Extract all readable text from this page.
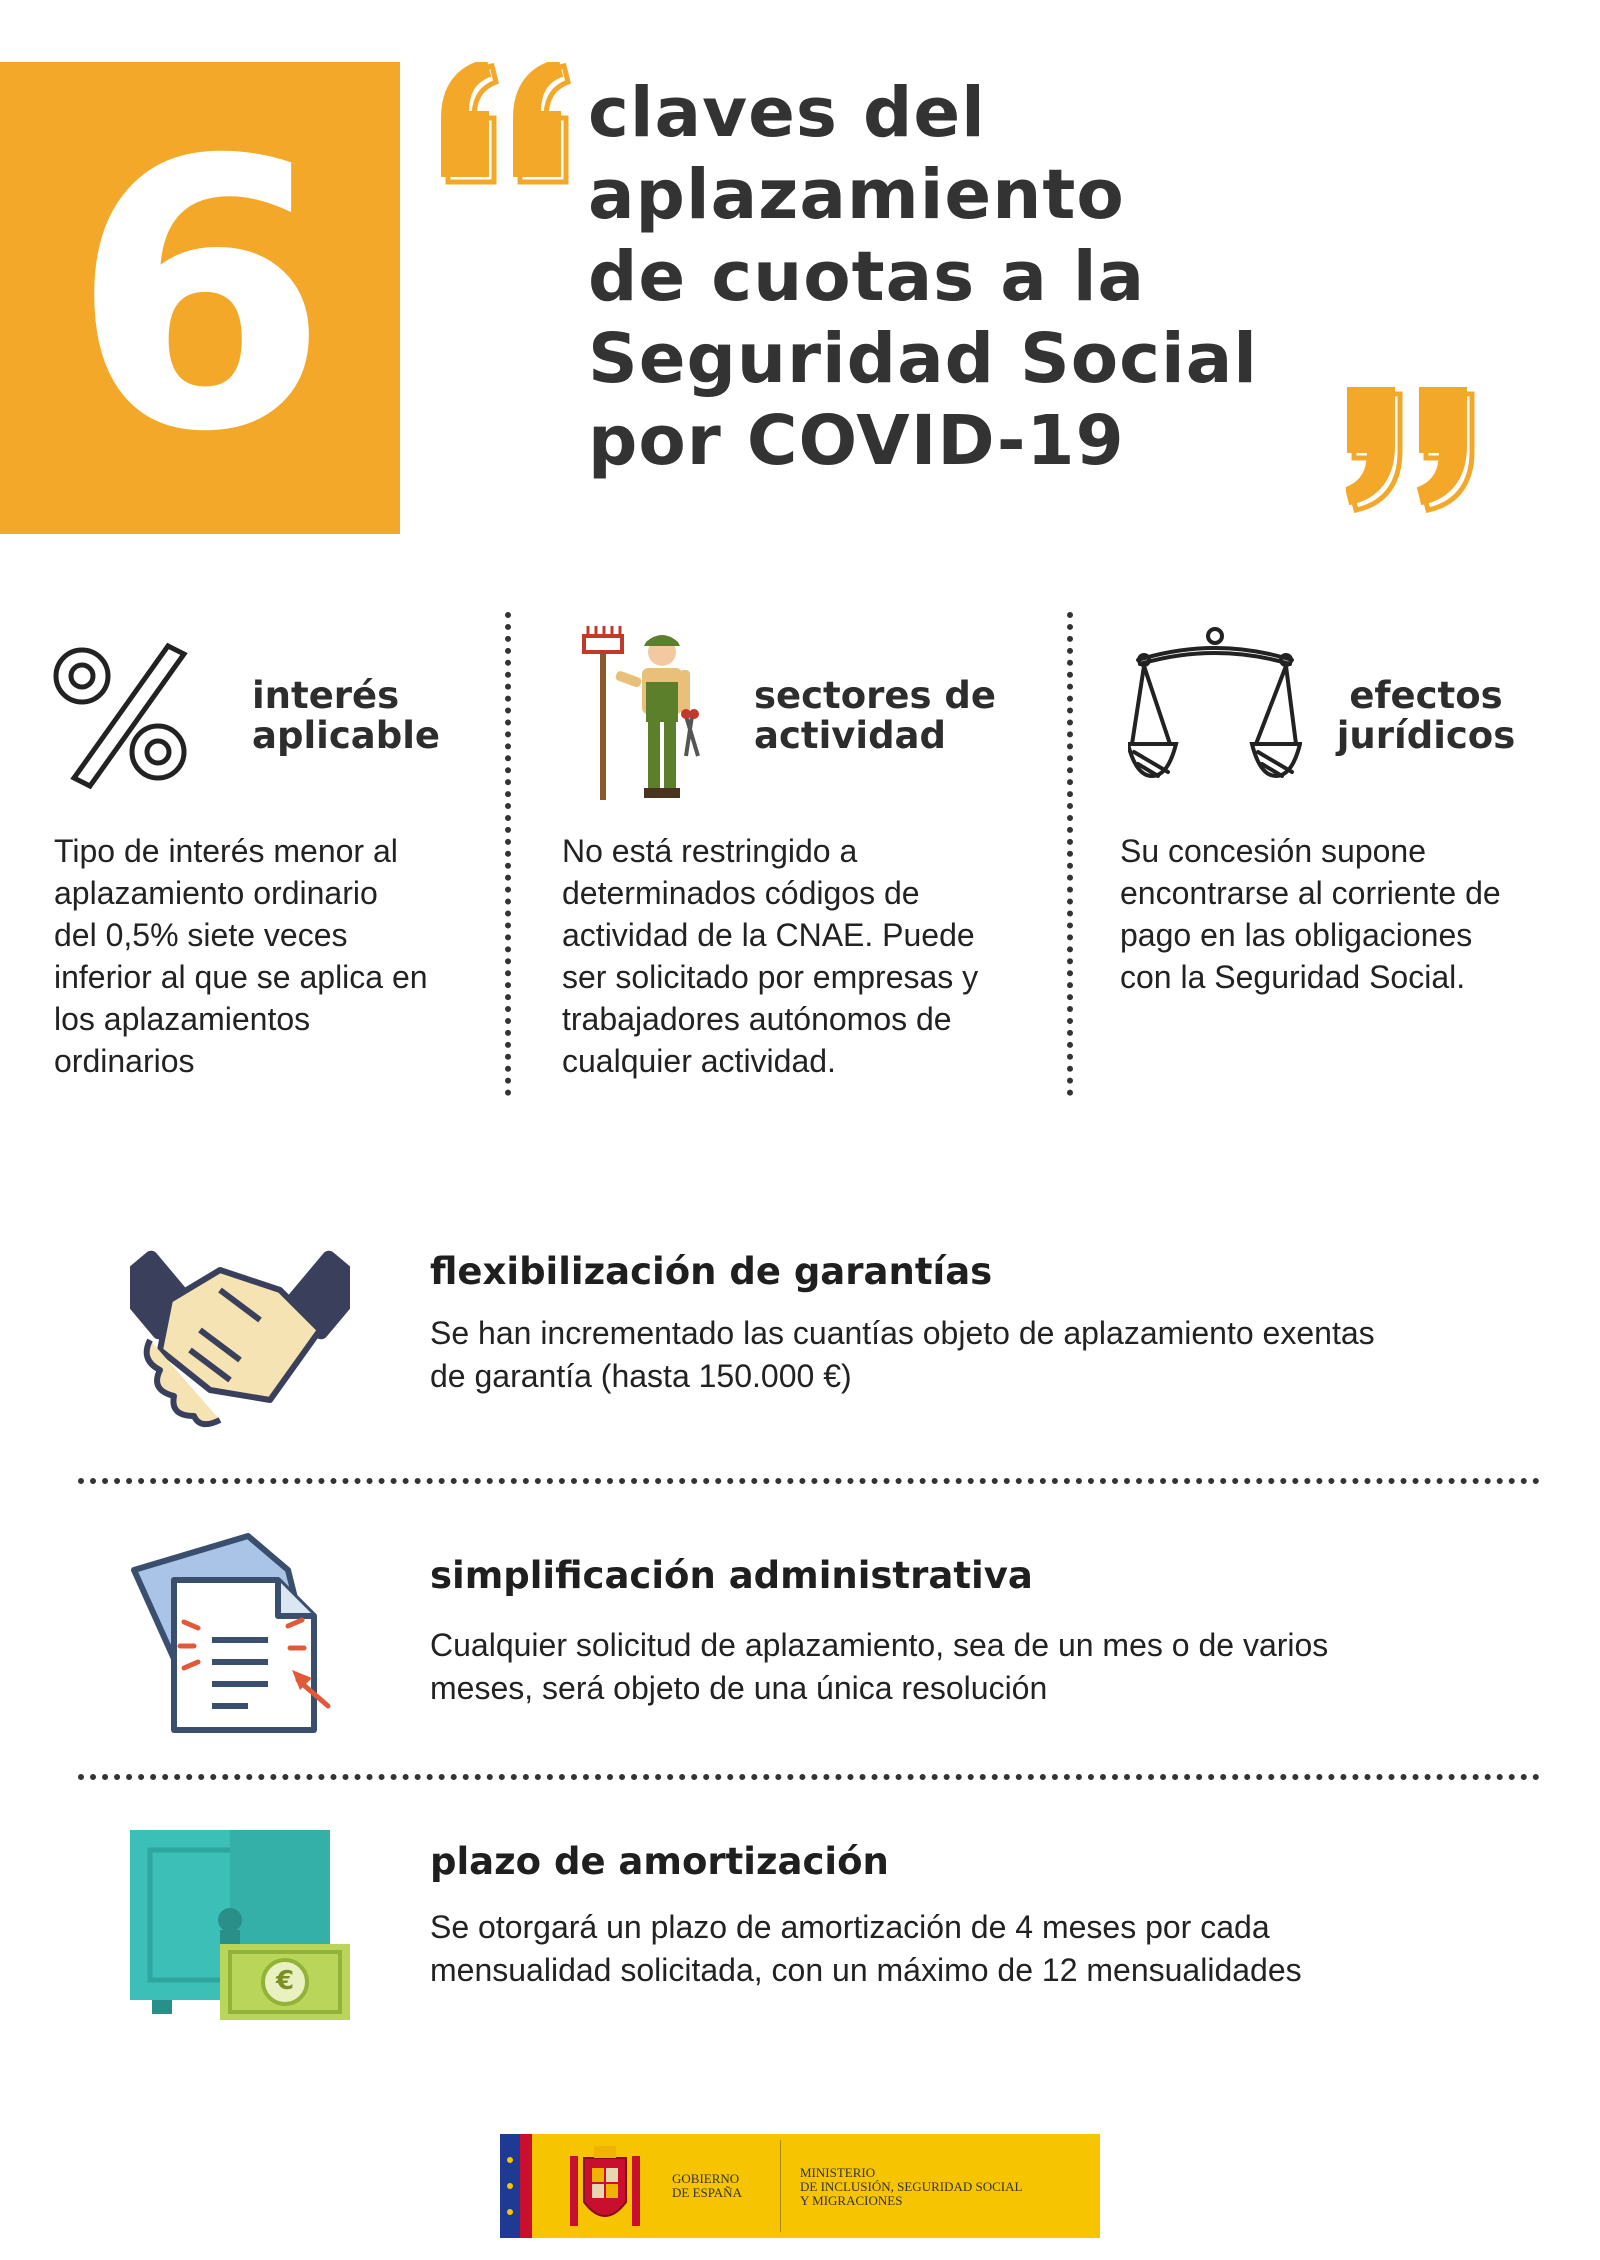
6	claves del
aplazamiento
de cuotas a la
Seguridad Social
por COVID-19
interés
aplicable
Tipo de interés menor al
aplazamiento ordinario
del 0,5% siete veces
inferior al que se aplica en
los aplazamientos
ordinarios
sectores de
actividad
No está restringido a
determinados códigos de
actividad de la CNAE. Puede
ser solicitado por empresas y
trabajadores autónomos de
cualquier actividad.
efectos
jurídicos
Su concesión supone
encontrarse al corriente de
pago en las obligaciones
con la Seguridad Social.
flexibilización de garantías
Se han incrementado las cuantías objeto de aplazamiento exentas
de garantía (hasta 150.000 €)
simplificación administrativa
Cualquier solicitud de aplazamiento, sea de un mes o de varios
meses, será objeto de una única resolución
€
plazo de amortización
Se otorgará un plazo de amortización de 4 meses por cada
mensualidad solicitada, con un máximo de 12 mensualidades
GOBIERNO
DE ESPAÑA
MINISTERIO
DE INCLUSIÓN, SEGURIDAD SOCIAL
Y MIGRACIONES
